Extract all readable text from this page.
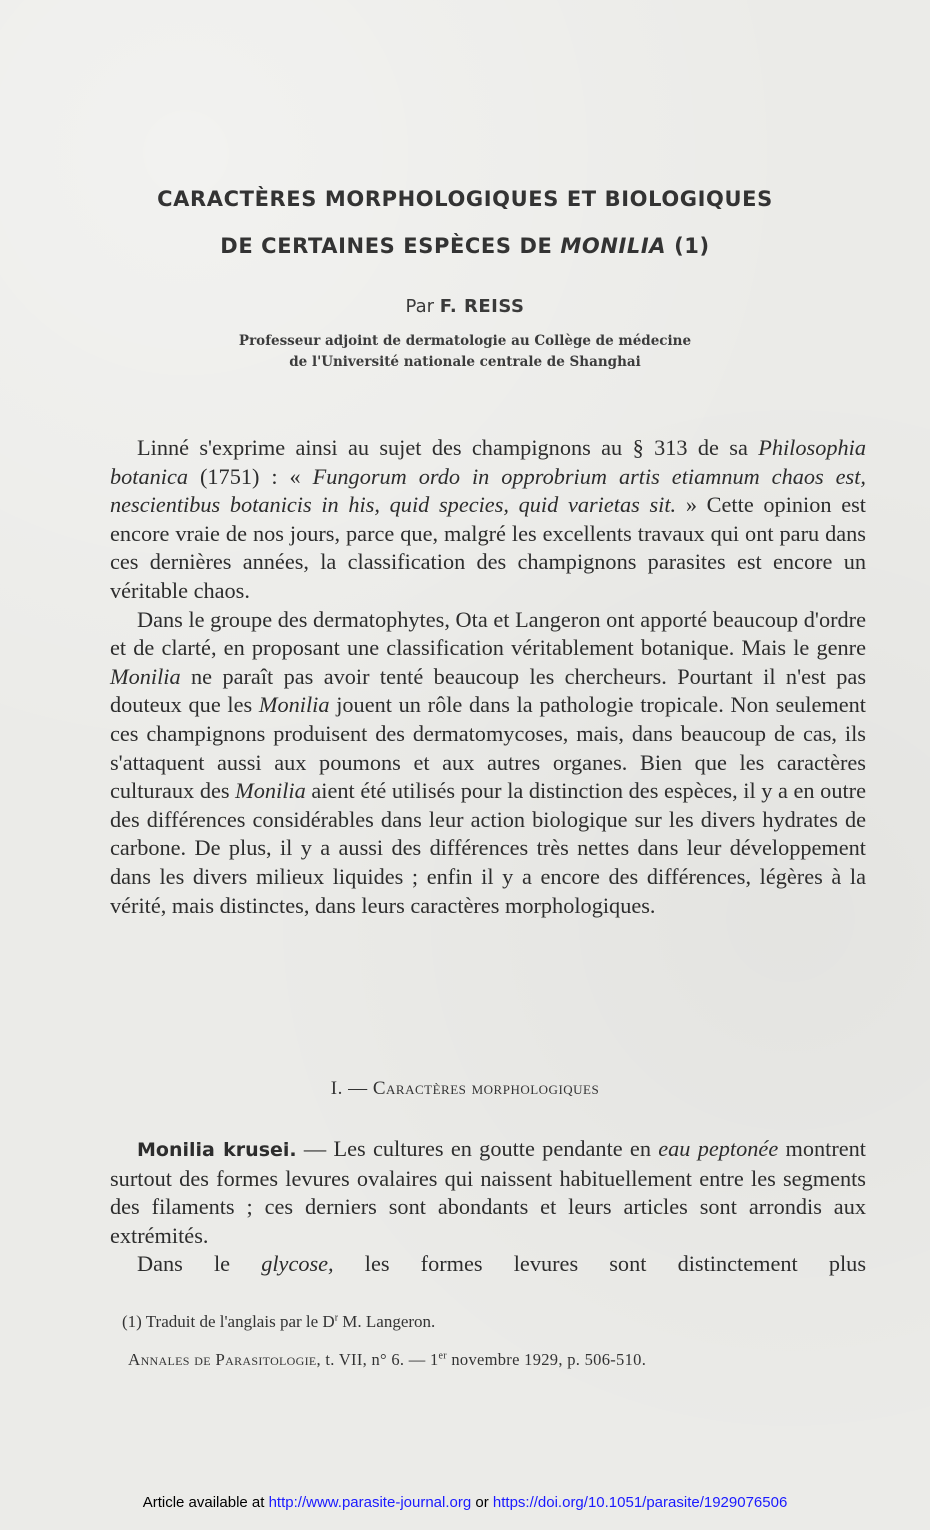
CARACTÈRES MORPHOLOGIQUES ET BIOLOGIQUES
DE CERTAINES ESPÈCES DE MONILIA (1)
Par F. REISS
Professeur adjoint de dermatologie au Collège de médecine
de l'Université nationale centrale de Shanghai

Linné s'exprime ainsi au sujet des champignons au § 313 de sa Philosophia botanica (1751) : « Fungorum ordo in opprobrium artis etiamnum chaos est, nescientibus botanicis in his, quid species, quid varietas sit. » Cette opinion est encore vraie de nos jours, parce que, malgré les excellents travaux qui ont paru dans ces dernières années, la classification des champignons parasites est encore un véritable chaos.

Dans le groupe des dermatophytes, Ota et Langeron ont apporté beaucoup d'ordre et de clarté, en proposant une classification véritablement botanique. Mais le genre Monilia ne paraît pas avoir tenté beaucoup les chercheurs. Pourtant il n'est pas douteux que les Monilia jouent un rôle dans la pathologie tropicale. Non seulement ces champignons produisent des dermatomycoses, mais, dans beaucoup de cas, ils s'attaquent aussi aux poumons et aux autres organes. Bien que les caractères culturaux des Monilia aient été utilisés pour la distinction des espèces, il y a en outre des différences considérables dans leur action biologique sur les divers hydrates de carbone. De plus, il y a aussi des différences très nettes dans leur développement dans les divers milieux liquides ; enfin il y a encore des différences, légères à la vérité, mais distinctes, dans leurs caractères morphologiques.

I. — Caractères morphologiques

Monilia krusei. — Les cultures en goutte pendante en eau peptonée montrent surtout des formes levures ovalaires qui naissent habituellement entre les segments des filaments ; ces derniers sont abondants et leurs articles sont arrondis aux extrémités.

Dans le glycose, les formes levures sont distinctement plus

(1) Traduit de l'anglais par le $D^r$ M. Langeron.
Annales de Parasitologie, t. VII, n° 6. — 1er novembre 1929, p. 506-510.
Article available at http://www.parasite-journal.org or https://doi.org/10.1051/parasite/1929076506
